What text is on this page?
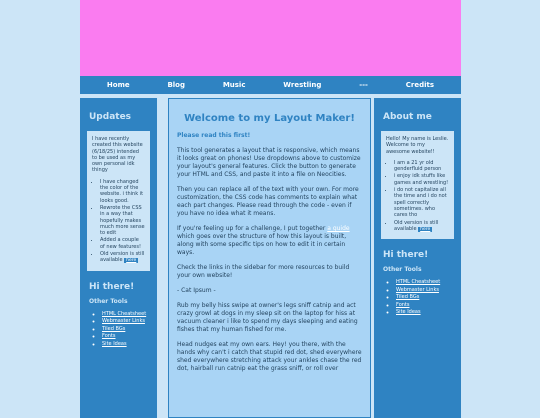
Home	Blog	Music	Wrestling	---	Credits
Updates

I have recently created this website (6/18/25) intended to be used as my own personal idk thingy

• I have changed the color of the website. i think it looks good.
• Rewrote the CSS in a way that hopefully makes much more sense to edit
• Added a couple of new features!
• Old version is still available here
Hi there!
Other Tools
◦ HTML Cheatsheet
◦ Webmaster Links
◦ Tiled BGs
◦ Fonts
◦ Site Ideas
Welcome to my Layout Maker!
Please read this first!

This tool generates a layout that is responsive, which means it looks great on phones! Use dropdowns above to customize your layout's general features. Click the button to generate your HTML and CSS, and paste it into a file on Neocities.

Then you can replace all of the text with your own. For more customization, the CSS code has comments to explain what each part changes. Please read through the code - even if you have no idea what it means.

If you're feeling up for a challenge, I put together a guide which goes over the structure of how this layout is built, along with some specific tips on how to edit it in certain ways.

Check the links in the sidebar for more resources to build your own website!

- Cat Ipsum -

Rub my belly hiss swipe at owner's legs sniff catnip and act crazy growl at dogs in my sleep sit on the laptop for hiss at vacuum cleaner i like to spend my days sleeping and eating fishes that my human fished for me.

Head nudges eat my own ears. Hey! you there, with the hands why can't i catch that stupid red dot, shed everywhere shed everywhere stretching attack your ankles chase the red dot, hairball run catnip eat the grass sniff, or roll over

About me

Hello! My name is Leslie. Welcome to my awesome website!!

• I am a 21 yr old genderfluid person
• i enjoy idk stuffs like games and wrestling!
• i do not capitalize all the time and i do not spell correctly sometimes. who cares tho
• Old version is still available here
Hi there!
Other Tools
◦ HTML Cheatsheet
◦ Webmaster Links
◦ Tiled BGs
◦ Fonts
◦ Site Ideas
